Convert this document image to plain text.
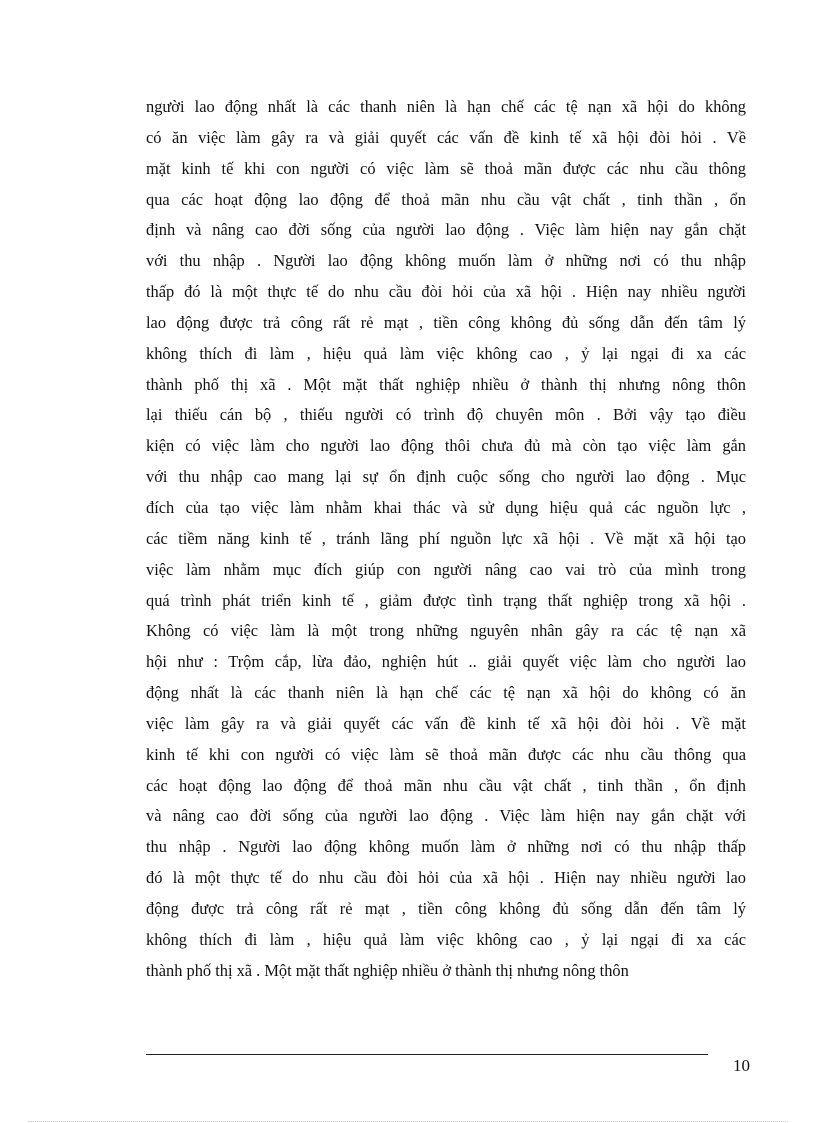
người lao động nhất là các thanh niên là hạn chế các tệ nạn xã hội do không
có ăn việc làm gây ra và giải quyết các vấn đề kinh tế xã hội đòi hỏi . Về
mặt kinh tế khi con người có việc làm sẽ thoả mãn được các nhu cầu thông
qua các hoạt động lao động để thoả mãn nhu cầu vật chất , tinh thần , ổn
định và nâng cao đời sống của người lao động . Việc làm hiện nay gắn chặt
với thu nhập . Người lao động không muốn làm ở những nơi có thu nhập
thấp đó là một thực tế do nhu cầu đòi hỏi của xã hội . Hiện nay nhiều người
lao động được trả công rất rẻ mạt , tiền công không đủ sống dẫn đến tâm lý
không thích đi làm , hiệu quả làm việc không cao , ỷ lại ngại đi xa các
thành phố thị xã . Một mặt thất nghiệp nhiều ở thành thị nhưng nông thôn
lại thiếu cán bộ , thiếu người có trình độ chuyên môn . Bởi vậy tạo điều
kiện có việc làm cho người lao động thôi chưa đủ mà còn tạo việc làm gắn
với thu nhập cao mang lại sự ổn định cuộc sống cho người lao động . Mục
đích của tạo việc làm nhằm khai thác và sử dụng hiệu quả các nguồn lực ,
các tiềm năng kinh tế , tránh lãng phí nguồn lực xã hội . Về mặt xã hội tạo
việc làm nhằm mục đích giúp con người nâng cao vai trò của mình trong
quá trình phát triển kinh tế , giảm được tình trạng thất nghiệp trong xã hội .
Không có việc làm là một trong những nguyên nhân gây ra các tệ nạn xã
hội như : Trộm cắp, lừa đảo, nghiện hút .. giải quyết việc làm cho người lao
động nhất là các thanh niên là hạn chế các tệ nạn xã hội do không có ăn
việc làm gây ra và giải quyết các vấn đề kinh tế xã hội đòi hỏi . Về mặt
kinh tế khi con người có việc làm sẽ thoả mãn được các nhu cầu thông qua
các hoạt động lao động để thoả mãn nhu cầu vật chất , tinh thần , ổn định
và nâng cao đời sống của người lao động . Việc làm hiện nay gắn chặt với
thu nhập . Người lao động không muốn làm ở những nơi có thu nhập thấp
đó là một thực tế do nhu cầu đòi hỏi của xã hội . Hiện nay nhiều người lao
động được trả công rất rẻ mạt , tiền công không đủ sống dẫn đến tâm lý
không thích đi làm , hiệu quả làm việc không cao , ỷ lại ngại đi xa các
thành phố thị xã . Một mặt thất nghiệp nhiều ở thành thị nhưng nông thôn
10
